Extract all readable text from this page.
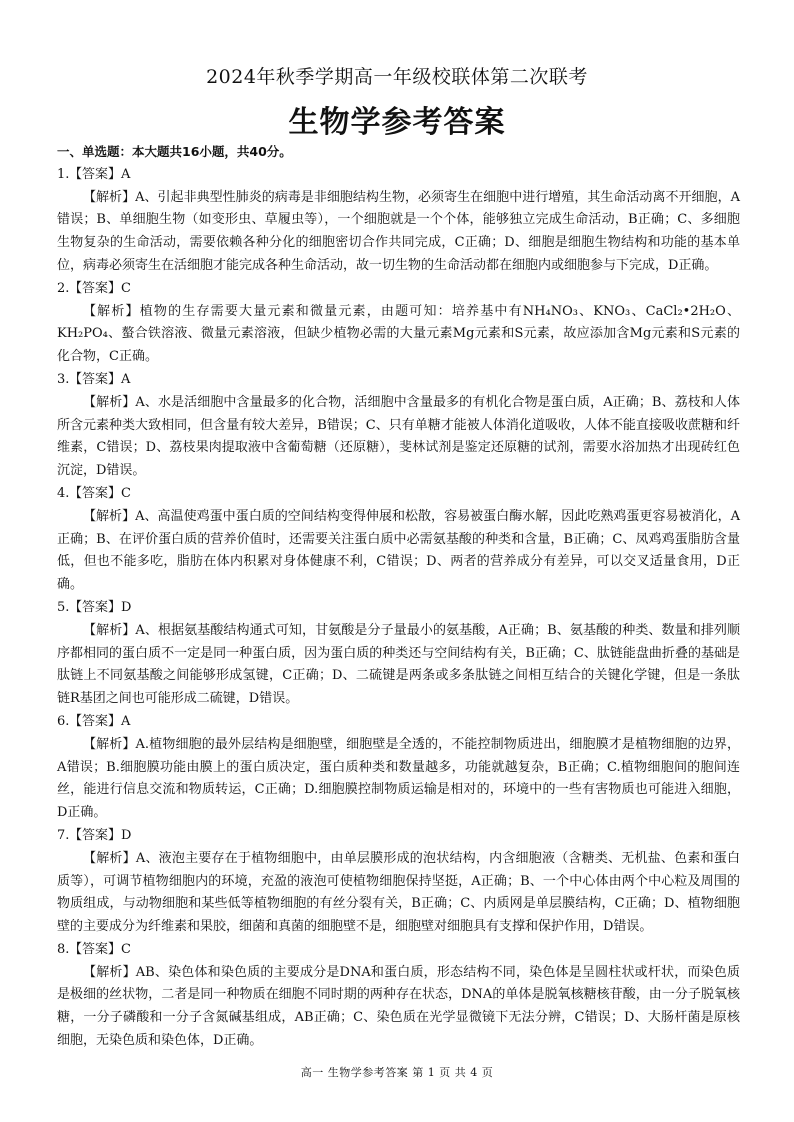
2024年秋季学期高一年级校联体第二次联考
生物学参考答案
一、单选题：本大题共16小题，共40分。
1.【答案】A

【解析】A、引起非典型性肺炎的病毒是非细胞结构生物，必须寄生在细胞中进行增殖，其生命活动离不开细胞，A错误；B、单细胞生物（如变形虫、草履虫等），一个细胞就是一个个体，能够独立完成生命活动，B正确；C、多细胞生物复杂的生命活动，需要依赖各种分化的细胞密切合作共同完成，C正确；D、细胞是细胞生物结构和功能的基本单位，病毒必须寄生在活细胞才能完成各种生命活动，故一切生物的生命活动都在细胞内或细胞参与下完成，D正确。

2.【答案】C

【解析】植物的生存需要大量元素和微量元素，由题可知：培养基中有NH₄NO₃、KNO₃、CaCl₂•2H₂O、KH₂PO₄、螯合铁溶液、微量元素溶液，但缺少植物必需的大量元素Mg元素和S元素，故应添加含Mg元素和S元素的化合物，C正确。

3.【答案】A

【解析】A、水是活细胞中含量最多的化合物，活细胞中含量最多的有机化合物是蛋白质，A正确；B、荔枝和人体所含元素种类大致相同，但含量有较大差异，B错误；C、只有单糖才能被人体消化道吸收，人体不能直接吸收蔗糖和纤维素，C错误；D、荔枝果肉提取液中含葡萄糖（还原糖），斐林试剂是鉴定还原糖的试剂，需要水浴加热才出现砖红色沉淀，D错误。

4.【答案】C

【解析】A、高温使鸡蛋中蛋白质的空间结构变得伸展和松散，容易被蛋白酶水解，因此吃熟鸡蛋更容易被消化，A正确；B、在评价蛋白质的营养价值时，还需要关注蛋白质中必需氨基酸的种类和含量，B正确；C、凤鸡鸡蛋脂肪含量低，但也不能多吃，脂肪在体内积累对身体健康不利，C错误；D、两者的营养成分有差异，可以交叉适量食用，D正确。

5.【答案】D

【解析】A、根据氨基酸结构通式可知，甘氨酸是分子量最小的氨基酸，A正确；B、氨基酸的种类、数量和排列顺序都相同的蛋白质不一定是同一种蛋白质，因为蛋白质的种类还与空间结构有关，B正确；C、肽链能盘曲折叠的基础是肽链上不同氨基酸之间能够形成氢键，C正确；D、二硫键是两条或多条肽链之间相互结合的关键化学键，但是一条肽链R基团之间也可能形成二硫键，D错误。

6.【答案】A

【解析】A.植物细胞的最外层结构是细胞壁，细胞壁是全透的，不能控制物质进出，细胞膜才是植物细胞的边界，A错误；B.细胞膜功能由膜上的蛋白质决定，蛋白质种类和数量越多，功能就越复杂，B正确；C.植物细胞间的胞间连丝，能进行信息交流和物质转运，C正确；D.细胞膜控制物质运输是相对的，环境中的一些有害物质也可能进入细胞，D正确。

7.【答案】D

【解析】A、液泡主要存在于植物细胞中，由单层膜形成的泡状结构，内含细胞液（含糖类、无机盐、色素和蛋白质等），可调节植物细胞内的环境，充盈的液泡可使植物细胞保持坚挺，A正确；B、一个中心体由两个中心粒及周围的物质组成，与动物细胞和某些低等植物细胞的有丝分裂有关，B正确；C、内质网是单层膜结构，C正确；D、植物细胞壁的主要成分为纤维素和果胶，细菌和真菌的细胞壁不是，细胞壁对细胞具有支撑和保护作用，D错误。

8.【答案】C

【解析】AB、染色体和染色质的主要成分是DNA和蛋白质，形态结构不同，染色体是呈圆柱状或杆状，而染色质是极细的丝状物，二者是同一种物质在细胞不同时期的两种存在状态，DNA的单体是脱氧核糖核苷酸，由一分子脱氧核糖，一分子磷酸和一分子含氮碱基组成，AB正确；C、染色质在光学显微镜下无法分辨，C错误；D、大肠杆菌是原核细胞，无染色质和染色体，D正确。

高一 生物学参考答案 第 1 页 共 4 页
